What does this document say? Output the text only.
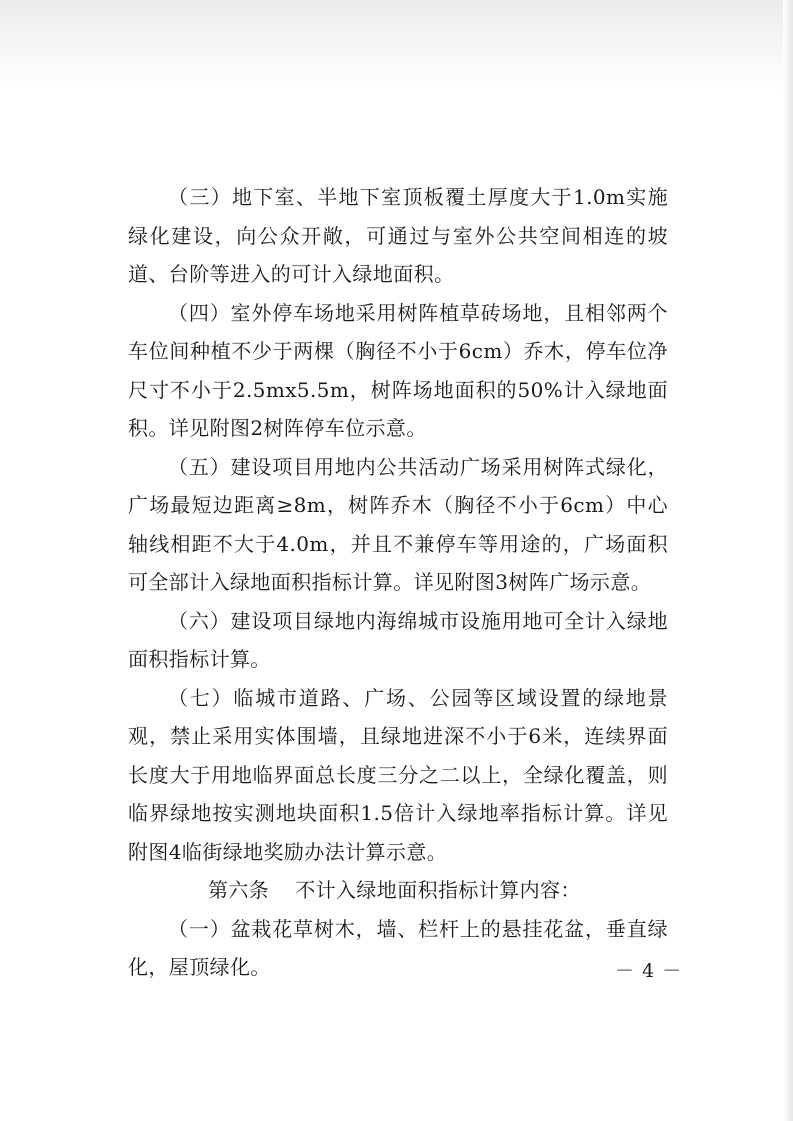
（三）地下室、半地下室顶板覆土厚度大于1.0m实施绿化建设，向公众开敞，可通过与室外公共空间相连的坡道、台阶等进入的可计入绿地面积。

（四）室外停车场地采用树阵植草砖场地，且相邻两个车位间种植不少于两棵（胸径不小于6cm）乔木，停车位净尺寸不小于2.5mx5.5m，树阵场地面积的50%计入绿地面积。详见附图2树阵停车位示意。

（五）建设项目用地内公共活动广场采用树阵式绿化，广场最短边距离≥8m，树阵乔木（胸径不小于6cm）中心轴线相距不大于4.0m，并且不兼停车等用途的，广场面积可全部计入绿地面积指标计算。详见附图3树阵广场示意。

（六）建设项目绿地内海绵城市设施用地可全计入绿地面积指标计算。

（七）临城市道路、广场、公园等区域设置的绿地景观，禁止采用实体围墙，且绿地进深不小于6米，连续界面长度大于用地临界面总长度三分之二以上，全绿化覆盖，则临界绿地按实测地块面积1.5倍计入绿地率指标计算。详见附图4临街绿地奖励办法计算示意。

第六条 不计入绿地面积指标计算内容：

（一）盆栽花草树木，墙、栏杆上的悬挂花盆，垂直绿化，屋顶绿化。	－ 4 －
